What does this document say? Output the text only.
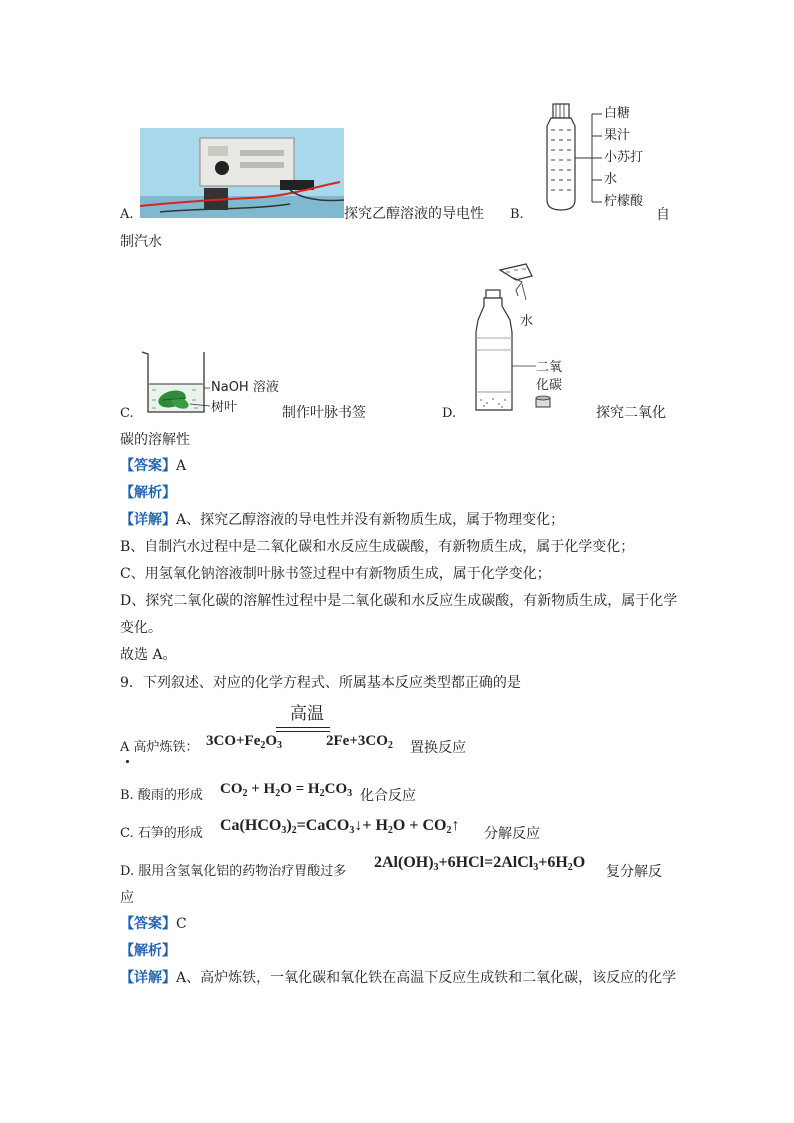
A.	探究乙醇溶液的导电性 B.
白糖
果汁
小苏打
水
柠檬酸
自
制汽水
C.
NaOH 溶液
树叶	制作叶脉书签	D.
水
二氧
化碳
探究二氧化
碳的溶解性
【答案】A
【解析】
【详解】A、探究乙醇溶液的导电性并没有新物质生成，属于物理变化；
B、自制汽水过程中是二氧化碳和水反应生成碳酸，有新物质生成，属于化学变化；
C、用氢氧化钠溶液制叶脉书签过程中有新物质生成，属于化学变化；
D、探究二氧化碳的溶解性过程中是二氧化碳和水反应生成碳酸，有新物质生成，属于化学
变化。
故选 A。
9．下列叙述、对应的化学方程式、所属基本反应类型都正确的是
A 高炉炼铁： $3CO+Fe_2O_3$
高温
$2Fe+3CO_2$ 置换反应
B. 酸雨的形成 $CO_2 + H_2O = H_2CO_3$ 化合反应
C. 石笋的形成 $Ca(HCO_3)_2=CaCO_3↓+ H_2O$ + $CO_2↑$ 分解反应
D. 服用含氢氧化铝的药物治疗胃酸过多
$2Al(OH)_3+6HCl=2AlCl_3+6H_2O$
复分解反
应
【答案】C
【解析】
【详解】A、高炉炼铁，一氧化碳和氧化铁在高温下反应生成铁和二氧化碳，该反应的化学
